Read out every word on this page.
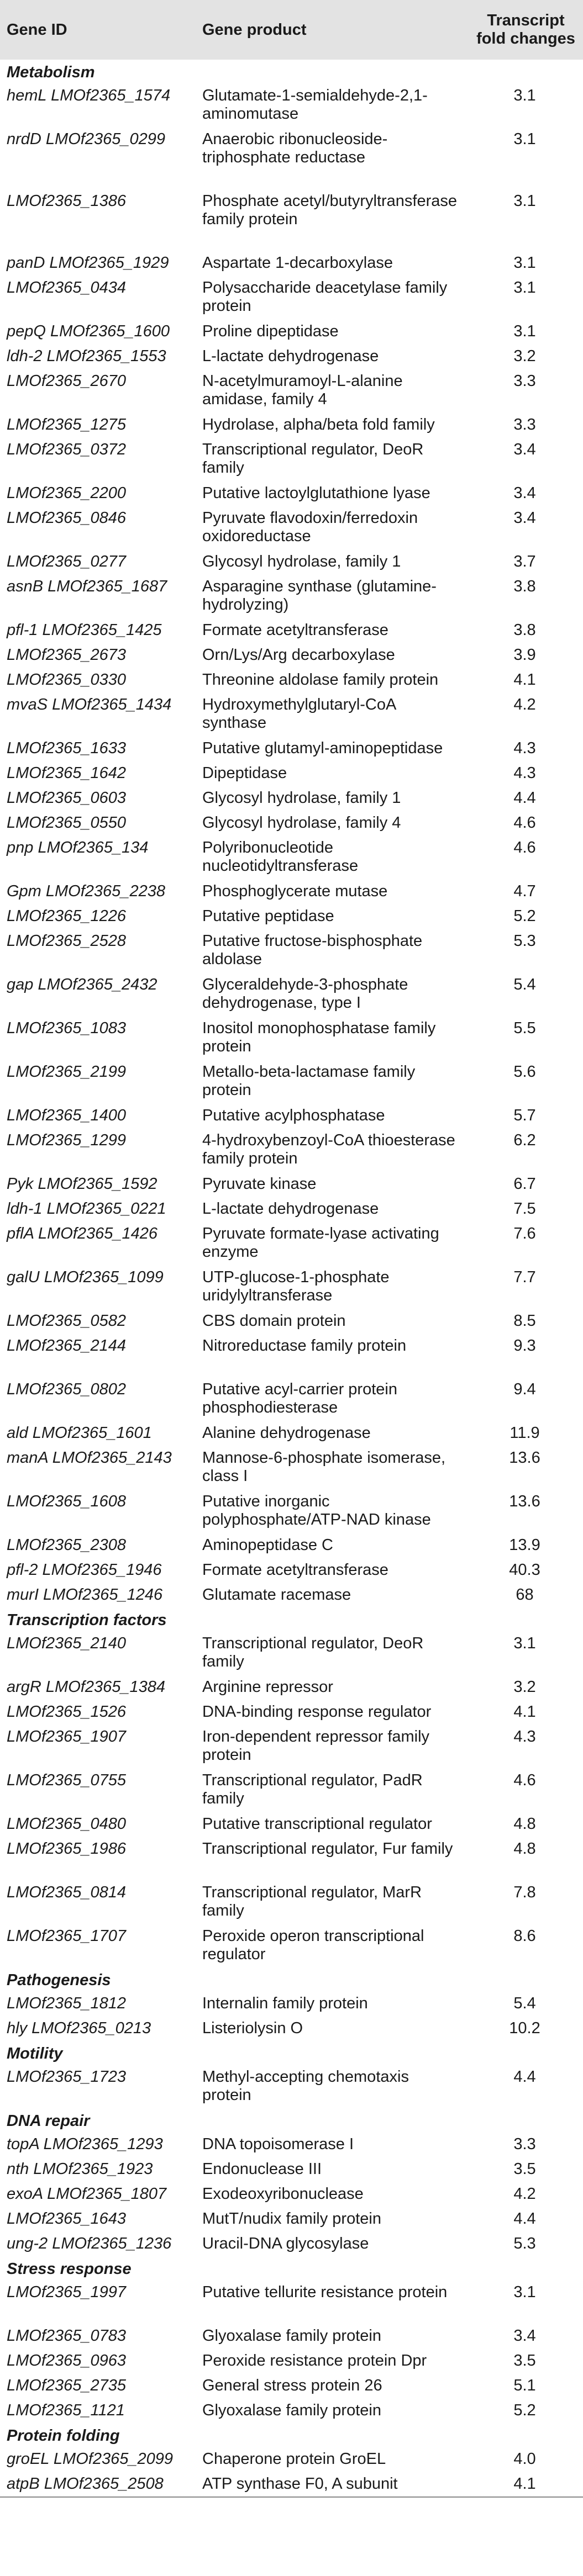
Gene ID	Gene product	Transcript fold changes
Metabolism		
hemL LMOf2365_1574	Glutamate-1-semialdehyde-2,1-aminomutase	3.1
nrdD LMOf2365_0299	Anaerobic ribonucleoside-triphosphate reductase	3.1
LMOf2365_1386	Phosphate acetyl/butyryltransferase family protein	3.1
panD LMOf2365_1929	Aspartate 1-decarboxylase	3.1
LMOf2365_0434	Polysaccharide deacetylase family protein	3.1
pepQ LMOf2365_1600	Proline dipeptidase	3.1
ldh-2 LMOf2365_1553	L-lactate dehydrogenase	3.2
LMOf2365_2670	N-acetylmuramoyl-L-alanine amidase, family 4	3.3
LMOf2365_1275	Hydrolase, alpha/beta fold family	3.3
LMOf2365_0372	Transcriptional regulator, DeoR family	3.4
LMOf2365_2200	Putative lactoylglutathione lyase	3.4
LMOf2365_0846	Pyruvate flavodoxin/ferredoxin oxidoreductase	3.4
LMOf2365_0277	Glycosyl hydrolase, family 1	3.7
asnB LMOf2365_1687	Asparagine synthase (glutamine-hydrolyzing)	3.8
pfl-1 LMOf2365_1425	Formate acetyltransferase	3.8
LMOf2365_2673	Orn/Lys/Arg decarboxylase	3.9
LMOf2365_0330	Threonine aldolase family protein	4.1
mvaS LMOf2365_1434	Hydroxymethylglutaryl-CoA synthase	4.2
LMOf2365_1633	Putative glutamyl-aminopeptidase	4.3
LMOf2365_1642	Dipeptidase	4.3
LMOf2365_0603	Glycosyl hydrolase, family 1	4.4
LMOf2365_0550	Glycosyl hydrolase, family 4	4.6
pnp LMOf2365_134	Polyribonucleotide nucleotidyltransferase	4.6
Gpm LMOf2365_2238	Phosphoglycerate mutase	4.7
LMOf2365_1226	Putative peptidase	5.2
LMOf2365_2528	Putative fructose-bisphosphate aldolase	5.3
gap LMOf2365_2432	Glyceraldehyde-3-phosphate dehydrogenase, type I	5.4
LMOf2365_1083	Inositol monophosphatase family protein	5.5
LMOf2365_2199	Metallo-beta-lactamase family protein	5.6
LMOf2365_1400	Putative acylphosphatase	5.7
LMOf2365_1299	4-hydroxybenzoyl-CoA thioesterase family protein	6.2
Pyk LMOf2365_1592	Pyruvate kinase	6.7
ldh-1 LMOf2365_0221	L-lactate dehydrogenase	7.5
pflA LMOf2365_1426	Pyruvate formate-lyase activating enzyme	7.6
galU LMOf2365_1099	UTP-glucose-1-phosphate uridylyltransferase	7.7
LMOf2365_0582	CBS domain protein	8.5
LMOf2365_2144	Nitroreductase family protein	9.3
LMOf2365_0802	Putative acyl-carrier protein phosphodiesterase	9.4
ald LMOf2365_1601	Alanine dehydrogenase	11.9
manA LMOf2365_2143	Mannose-6-phosphate isomerase, class I	13.6
LMOf2365_1608	Putative inorganic polyphosphate/ATP-NAD kinase	13.6
LMOf2365_2308	Aminopeptidase C	13.9
pfl-2 LMOf2365_1946	Formate acetyltransferase	40.3
murI LMOf2365_1246	Glutamate racemase	68
Transcription factors		
LMOf2365_2140	Transcriptional regulator, DeoR family	3.1
argR LMOf2365_1384	Arginine repressor	3.2
LMOf2365_1526	DNA-binding response regulator	4.1
LMOf2365_1907	Iron-dependent repressor family protein	4.3
LMOf2365_0755	Transcriptional regulator, PadR family	4.6
LMOf2365_0480	Putative transcriptional regulator	4.8
LMOf2365_1986	Transcriptional regulator, Fur family	4.8
LMOf2365_0814	Transcriptional regulator, MarR family	7.8
LMOf2365_1707	Peroxide operon transcriptional regulator	8.6
Pathogenesis		
LMOf2365_1812	Internalin family protein	5.4
hly LMOf2365_0213	Listeriolysin O	10.2
Motility		
LMOf2365_1723	Methyl-accepting chemotaxis protein	4.4
DNA repair		
topA LMOf2365_1293	DNA topoisomerase I	3.3
nth LMOf2365_1923	Endonuclease III	3.5
exoA LMOf2365_1807	Exodeoxyribonuclease	4.2
LMOf2365_1643	MutT/nudix family protein	4.4
ung-2 LMOf2365_1236	Uracil-DNA glycosylase	5.3
Stress response		
LMOf2365_1997	Putative tellurite resistance protein	3.1
LMOf2365_0783	Glyoxalase family protein	3.4
LMOf2365_0963	Peroxide resistance protein Dpr	3.5
LMOf2365_2735	General stress protein 26	5.1
LMOf2365_1121	Glyoxalase family protein	5.2
Protein folding		
groEL LMOf2365_2099	Chaperone protein GroEL	4.0
atpB LMOf2365_2508	ATP synthase F0, A subunit	4.1
